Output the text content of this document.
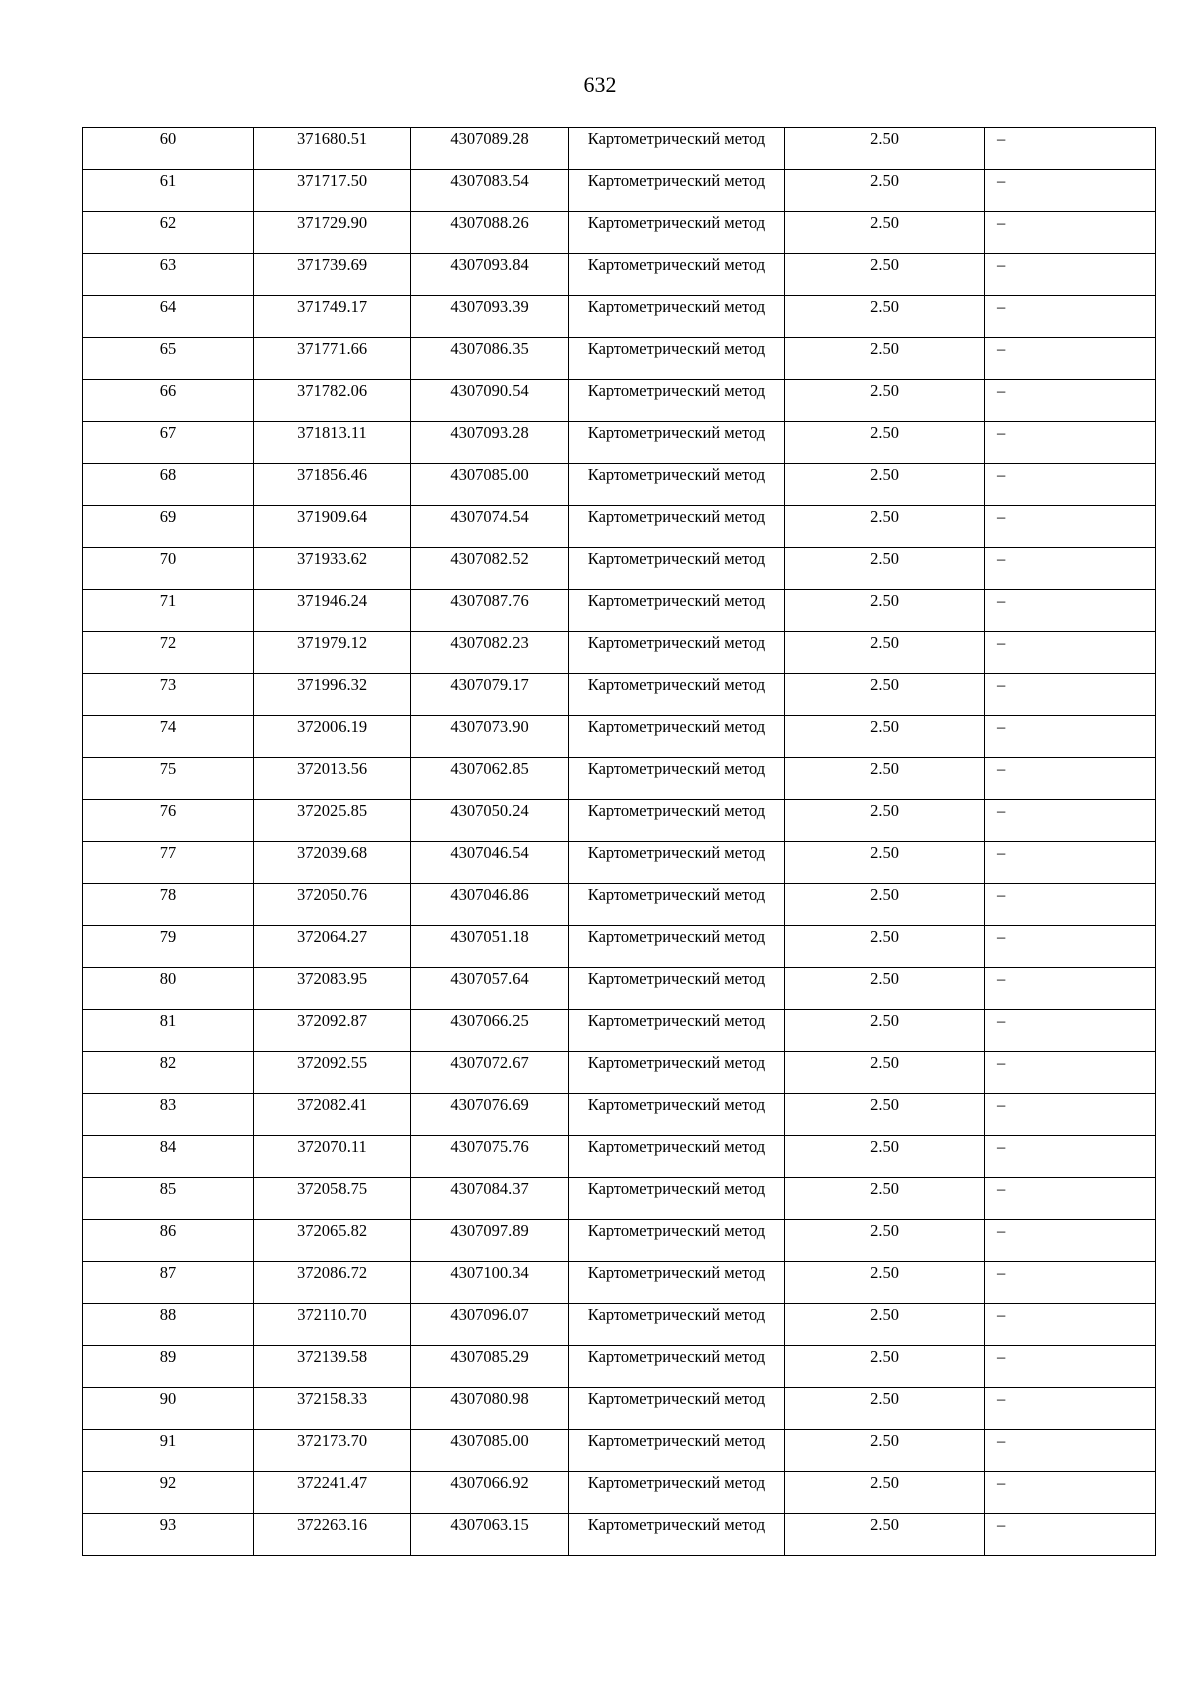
632
60	371680.51	4307089.28	Картометрический метод	2.50	–

61	371717.50	4307083.54	Картометрический метод	2.50	–

62	371729.90	4307088.26	Картометрический метод	2.50	–

63	371739.69	4307093.84	Картометрический метод	2.50	–

64	371749.17	4307093.39	Картометрический метод	2.50	–

65	371771.66	4307086.35	Картометрический метод	2.50	–

66	371782.06	4307090.54	Картометрический метод	2.50	–

67	371813.11	4307093.28	Картометрический метод	2.50	–

68	371856.46	4307085.00	Картометрический метод	2.50	–

69	371909.64	4307074.54	Картометрический метод	2.50	–

70	371933.62	4307082.52	Картометрический метод	2.50	–

71	371946.24	4307087.76	Картометрический метод	2.50	–

72	371979.12	4307082.23	Картометрический метод	2.50	–

73	371996.32	4307079.17	Картометрический метод	2.50	–

74	372006.19	4307073.90	Картометрический метод	2.50	–

75	372013.56	4307062.85	Картометрический метод	2.50	–

76	372025.85	4307050.24	Картометрический метод	2.50	–

77	372039.68	4307046.54	Картометрический метод	2.50	–

78	372050.76	4307046.86	Картометрический метод	2.50	–

79	372064.27	4307051.18	Картометрический метод	2.50	–

80	372083.95	4307057.64	Картометрический метод	2.50	–

81	372092.87	4307066.25	Картометрический метод	2.50	–

82	372092.55	4307072.67	Картометрический метод	2.50	–

83	372082.41	4307076.69	Картометрический метод	2.50	–

84	372070.11	4307075.76	Картометрический метод	2.50	–

85	372058.75	4307084.37	Картометрический метод	2.50	–

86	372065.82	4307097.89	Картометрический метод	2.50	–

87	372086.72	4307100.34	Картометрический метод	2.50	–

88	372110.70	4307096.07	Картометрический метод	2.50	–

89	372139.58	4307085.29	Картометрический метод	2.50	–

90	372158.33	4307080.98	Картометрический метод	2.50	–

91	372173.70	4307085.00	Картометрический метод	2.50	–

92	372241.47	4307066.92	Картометрический метод	2.50	–

93	372263.16	4307063.15	Картометрический метод	2.50	–
